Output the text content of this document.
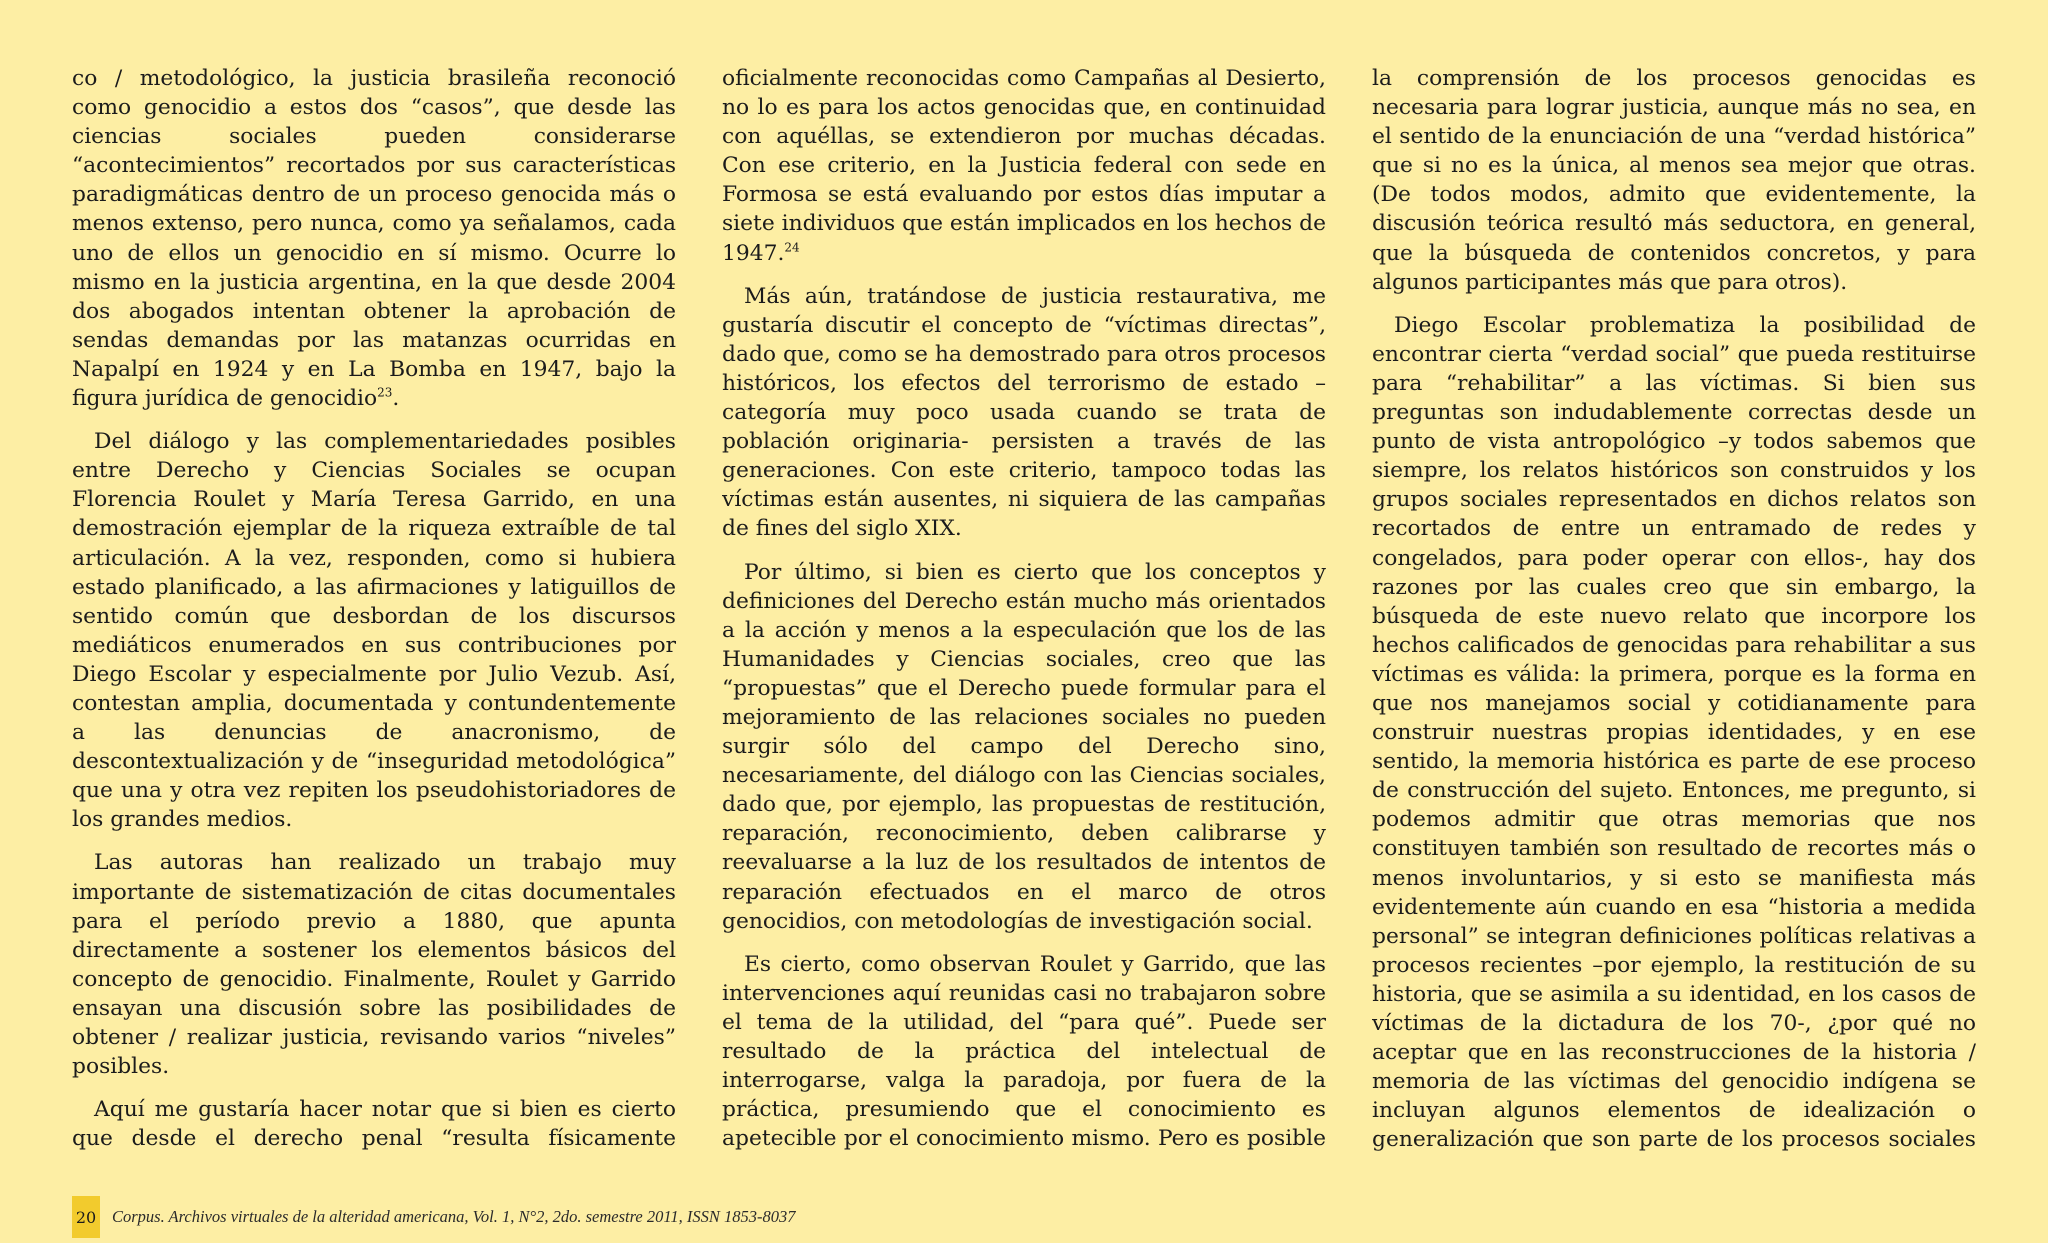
co / metodológico, la justicia brasileña reconoció como genocidio a estos dos “casos”, que desde las ciencias sociales pueden considerarse “acontecimientos” recortados por sus características paradigmáticas dentro de un proceso genocida más o menos extenso, pero nunca, como ya señalamos, cada uno de ellos un genocidio en sí mismo. Ocurre lo mismo en la justicia argentina, en la que desde 2004 dos abogados intentan obtener la aprobación de sendas demandas por las matanzas ocurridas en Napalpí en 1924 y en La Bomba en 1947, bajo la figura jurídica de genocidio$^{23}$.

Del diálogo y las complementariedades posibles entre Derecho y Ciencias Sociales se ocupan Florencia Roulet y María Teresa Garrido, en una demostración ejemplar de la riqueza extraíble de tal articulación. A la vez, responden, como si hubiera estado planificado, a las afirmaciones y latiguillos de sentido común que desbordan de los discursos mediáticos enumerados en sus contribuciones por Diego Escolar y especialmente por Julio Vezub. Así, contestan amplia, documentada y contundentemente a las denuncias de anacronismo, de descontextualización y de “inseguridad metodológica” que una y otra vez repiten los pseudohistoriadores de los grandes medios.

Las autoras han realizado un trabajo muy importante de sistematización de citas documentales para el período previo a 1880, que apunta directamente a sostener los elementos básicos del concepto de genocidio. Finalmente, Roulet y Garrido ensayan una discusión sobre las posibilidades de obtener / realizar justicia, revisando varios “niveles” posibles.

Aquí me gustaría hacer notar que si bien es cierto que desde el derecho penal “resulta físicamente

oficialmente reconocidas como Campañas al Desierto, no lo es para los actos genocidas que, en continuidad con aquéllas, se extendieron por muchas décadas. Con ese criterio, en la Justicia federal con sede en Formosa se está evaluando por estos días imputar a siete individuos que están implicados en los hechos de 1947.24

Más aún, tratándose de justicia restaurativa, me gustaría discutir el concepto de “víctimas directas”, dado que, como se ha demostrado para otros procesos históricos, los efectos del terrorismo de estado –categoría muy poco usada cuando se trata de población originaria- persisten a través de las generaciones. Con este criterio, tampoco todas las víctimas están ausentes, ni siquiera de las campañas de fines del siglo XIX.

Por último, si bien es cierto que los conceptos y definiciones del Derecho están mucho más orientados a la acción y menos a la especulación que los de las Humanidades y Ciencias sociales, creo que las “propuestas” que el Derecho puede formular para el mejoramiento de las relaciones sociales no pueden surgir sólo del campo del Derecho sino, necesariamente, del diálogo con las Ciencias sociales, dado que, por ejemplo, las propuestas de restitución, reparación, reconocimiento, deben calibrarse y reevaluarse a la luz de los resultados de intentos de reparación efectuados en el marco de otros genocidios, con metodologías de investigación social.

Es cierto, como observan Roulet y Garrido, que las intervenciones aquí reunidas casi no trabajaron sobre el tema de la utilidad, del “para qué”. Puede ser resultado de la práctica del intelectual de interrogarse, valga la paradoja, por fuera de la práctica, presumiendo que el conocimiento es apetecible por el conocimiento mismo. Pero es posible

la comprensión de los procesos genocidas es necesaria para lograr justicia, aunque más no sea, en el sentido de la enunciación de una “verdad histórica” que si no es la única, al menos sea mejor que otras. (De todos modos, admito que evidentemente, la discusión teórica resultó más seductora, en general, que la búsqueda de contenidos concretos, y para algunos participantes más que para otros).

Diego Escolar problematiza la posibilidad de encontrar cierta “verdad social” que pueda restituirse para “rehabilitar” a las víctimas. Si bien sus preguntas son indudablemente correctas desde un punto de vista antropológico –y todos sabemos que siempre, los relatos históricos son construidos y los grupos sociales representados en dichos relatos son recortados de entre un entramado de redes y congelados, para poder operar con ellos-, hay dos razones por las cuales creo que sin embargo, la búsqueda de este nuevo relato que incorpore los hechos calificados de genocidas para rehabilitar a sus víctimas es válida: la primera, porque es la forma en que nos manejamos social y cotidianamente para construir nuestras propias identidades, y en ese sentido, la memoria histórica es parte de ese proceso de construcción del sujeto. Entonces, me pregunto, si podemos admitir que otras memorias que nos constituyen también son resultado de recortes más o menos involuntarios, y si esto se manifiesta más evidentemente aún cuando en esa “historia a medida personal” se integran definiciones políticas relativas a procesos recientes –por ejemplo, la restitución de su historia, que se asimila a su identidad, en los casos de víctimas de la dictadura de los 70-, ¿por qué no aceptar que en las reconstrucciones de la historia / memoria de las víctimas del genocidio indígena se incluyan algunos elementos de idealización o generalización que son parte de los procesos sociales

20 Corpus. Archivos virtuales de la alteridad americana, Vol. 1, N°2, 2do. semestre 2011, ISSN 1853-8037
